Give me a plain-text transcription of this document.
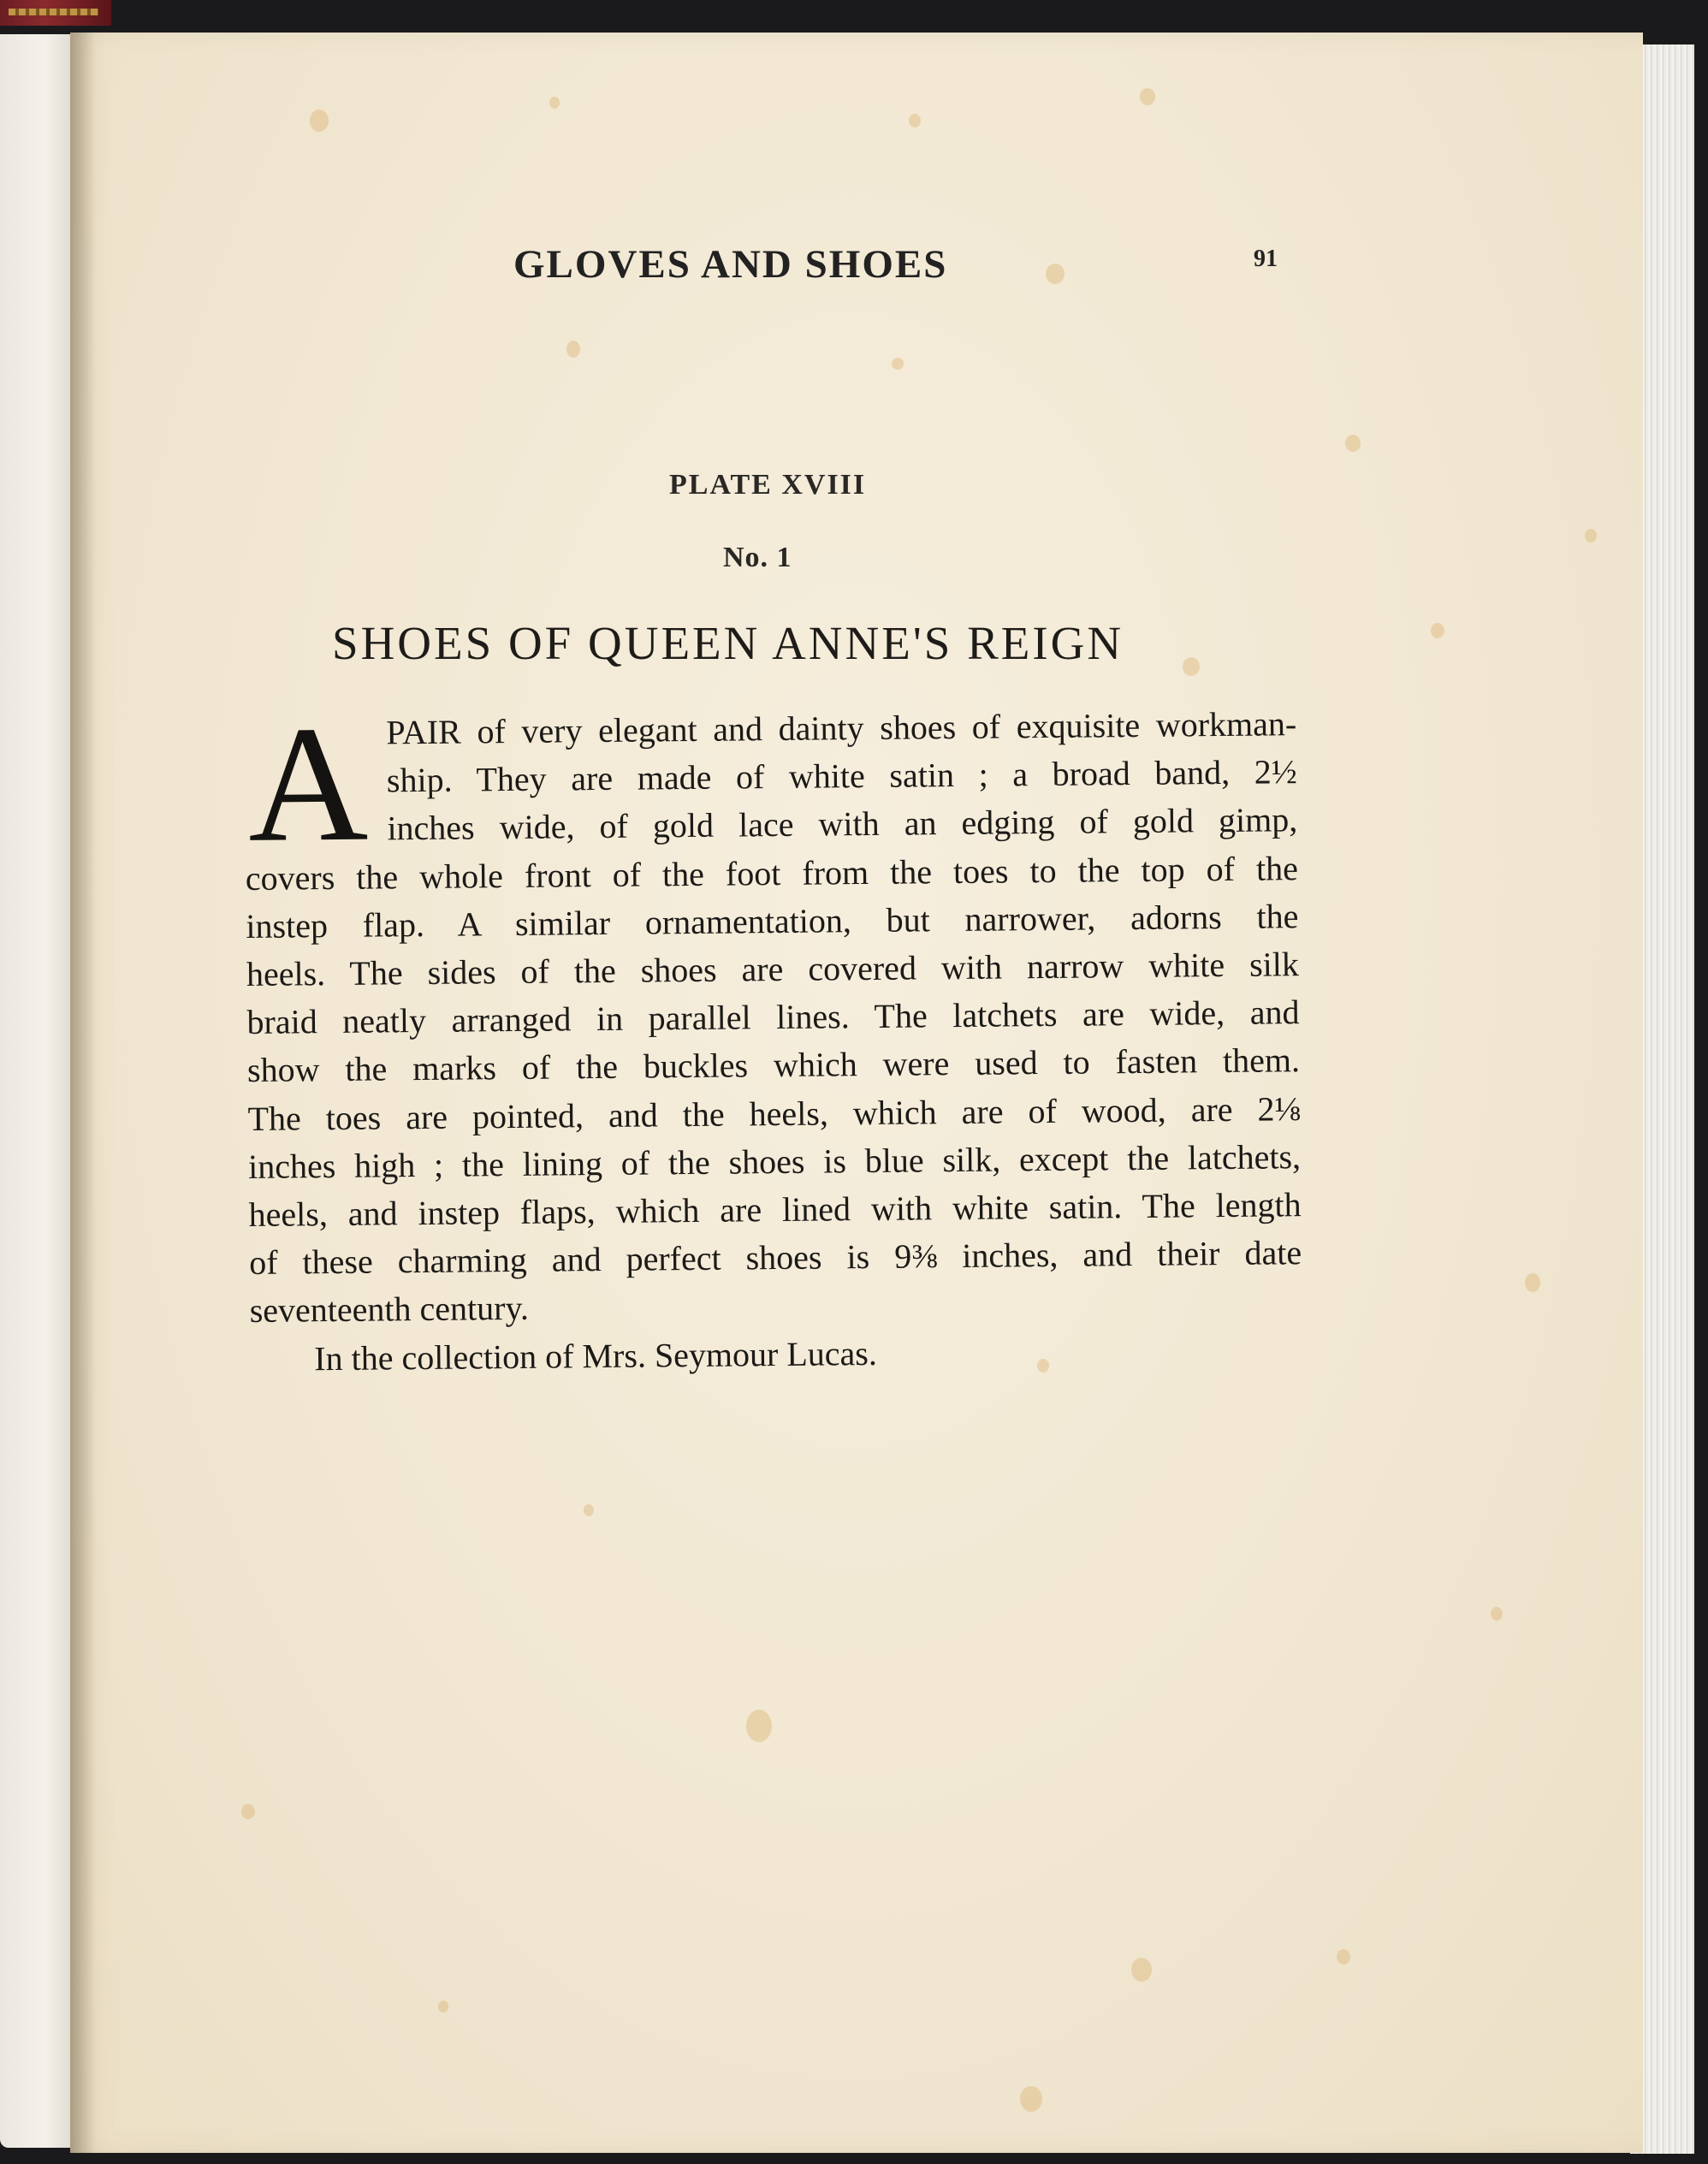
GLOVES AND SHOES	91
PLATE XVIII
No. 1
SHOES OF QUEEN ANNE'S REIGN
A PAIR of very elegant and dainty shoes of exquisite workman-
ship. They are made of white satin ; a broad band, 2½
inches wide, of gold lace with an edging of gold gimp,
covers the whole front of the foot from the toes to the top of the
instep flap. A similar ornamentation, but narrower, adorns the
heels. The sides of the shoes are covered with narrow white silk
braid neatly arranged in parallel lines. The latchets are wide, and
show the marks of the buckles which were used to fasten them.
The toes are pointed, and the heels, which are of wood, are 2⅛
inches high ; the lining of the shoes is blue silk, except the latchets,
heels, and instep flaps, which are lined with white satin. The length
of these charming and perfect shoes is 9⅜ inches, and their date
seventeenth century.
In the collection of Mrs. Seymour Lucas.
